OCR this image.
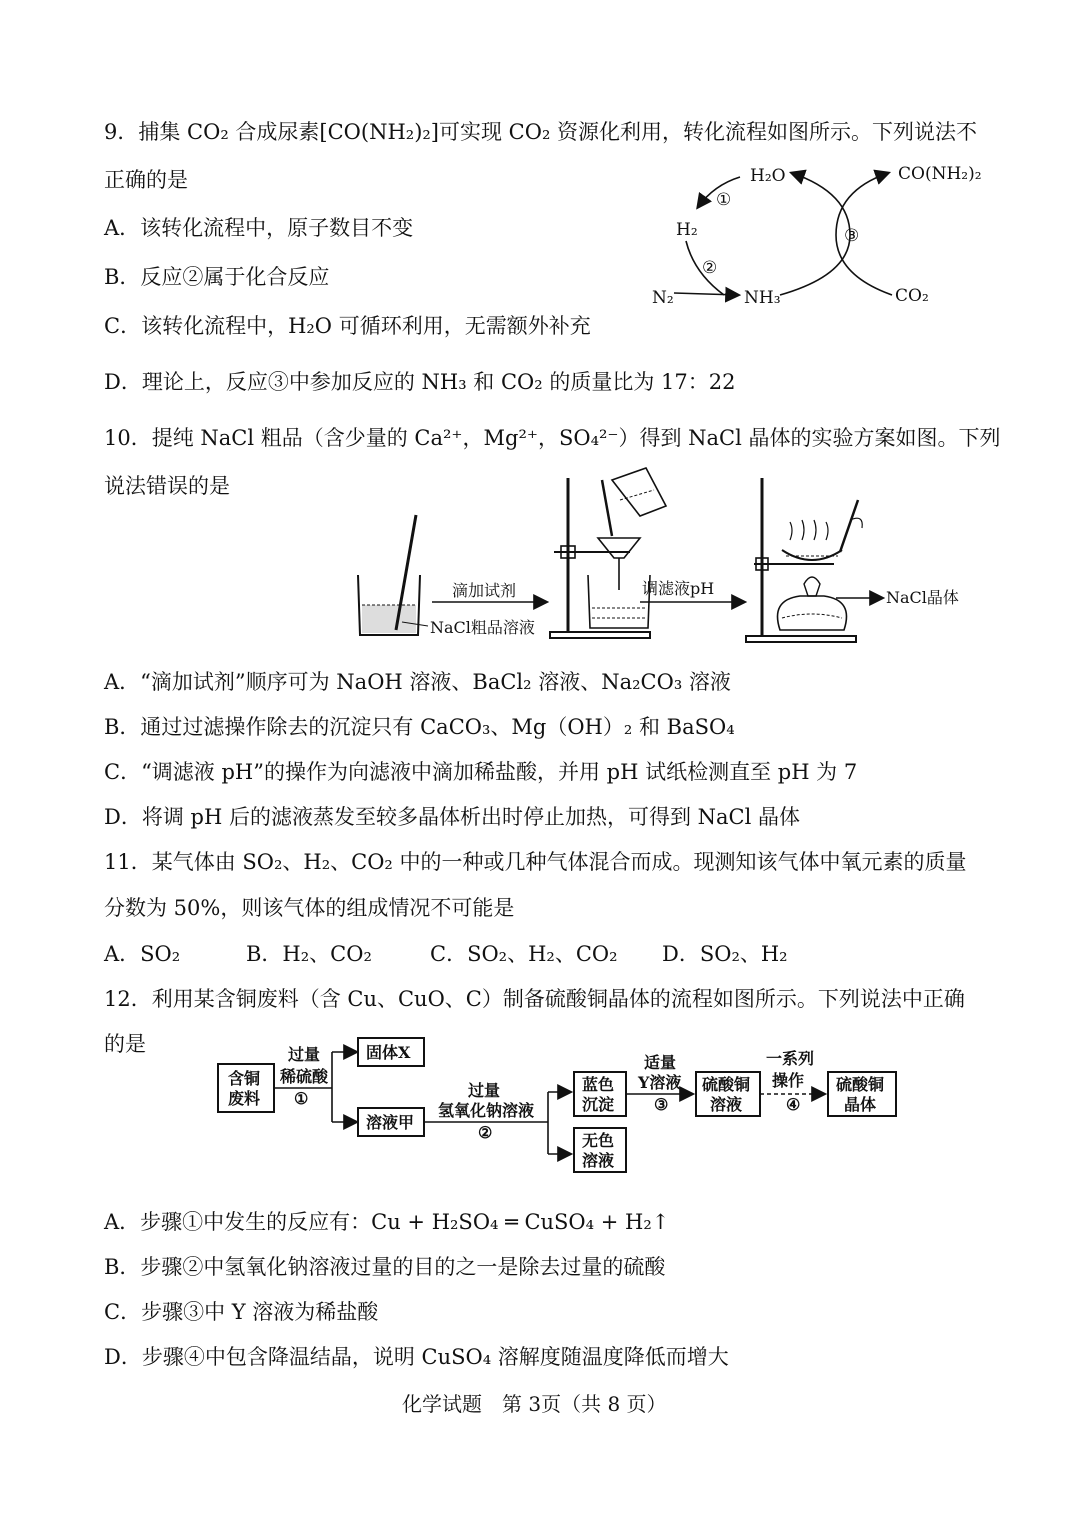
9．捕集 CO₂ 合成尿素[CO(NH₂)₂]可实现 CO₂ 资源化利用，转化流程如图所示。下列说法不
正确的是
A．该转化流程中，原子数目不变
B．反应②属于化合反应
C．该转化流程中，H₂O 可循环利用，无需额外补充
D．理论上，反应③中参加反应的 NH₃ 和 CO₂ 的质量比为 17：22
H₂O	CO(NH₂)₂
H₂
N₂	NH₃	CO₂
①
②
③
10．提纯 NaCl 粗品（含少量的 Ca²⁺，Mg²⁺，SO₄²⁻）得到 NaCl 晶体的实验方案如图。下列
说法错误的是
滴加试剂
NaCl粗品溶液
调滤液pH	NaCl晶体
A．“滴加试剂”顺序可为 NaOH 溶液、BaCl₂ 溶液、Na₂CO₃ 溶液
B．通过过滤操作除去的沉淀只有 CaCO₃、Mg（OH）₂ 和 BaSO₄
C．“调滤液 pH”的操作为向滤液中滴加稀盐酸，并用 pH 试纸检测直至 pH 为 7
D．将调 pH 后的滤液蒸发至较多晶体析出时停止加热，可得到 NaCl 晶体
11．某气体由 SO₂、H₂、CO₂ 中的一种或几种气体混合而成。现测知该气体中氧元素的质量
分数为 50%，则该气体的组成情况不可能是
A．SO₂	B．H₂、CO₂	C．SO₂、H₂、CO₂ D．SO₂、H₂
12．利用某含铜废料（含 Cu、CuO、C）制备硫酸铜晶体的流程如图所示。下列说法中正确
的是
含铜
废料
过量
稀硫酸
①
固体X
溶液甲
过量
氢氧化钠溶液
②
蓝色
沉淀
无色
溶液
适量
Y溶液
③
硫酸铜
溶液
一系列
操作
④
硫酸铜
晶体
A．步骤①中发生的反应有：Cu + H₂SO₄ ═ CuSO₄ + H₂↑
B．步骤②中氢氧化钠溶液过量的目的之一是除去过量的硫酸
C．步骤③中 Y 溶液为稀盐酸
D．步骤④中包含降温结晶，说明 CuSO₄ 溶解度随温度降低而增大
化学试题　第 3页（共 8 页）
